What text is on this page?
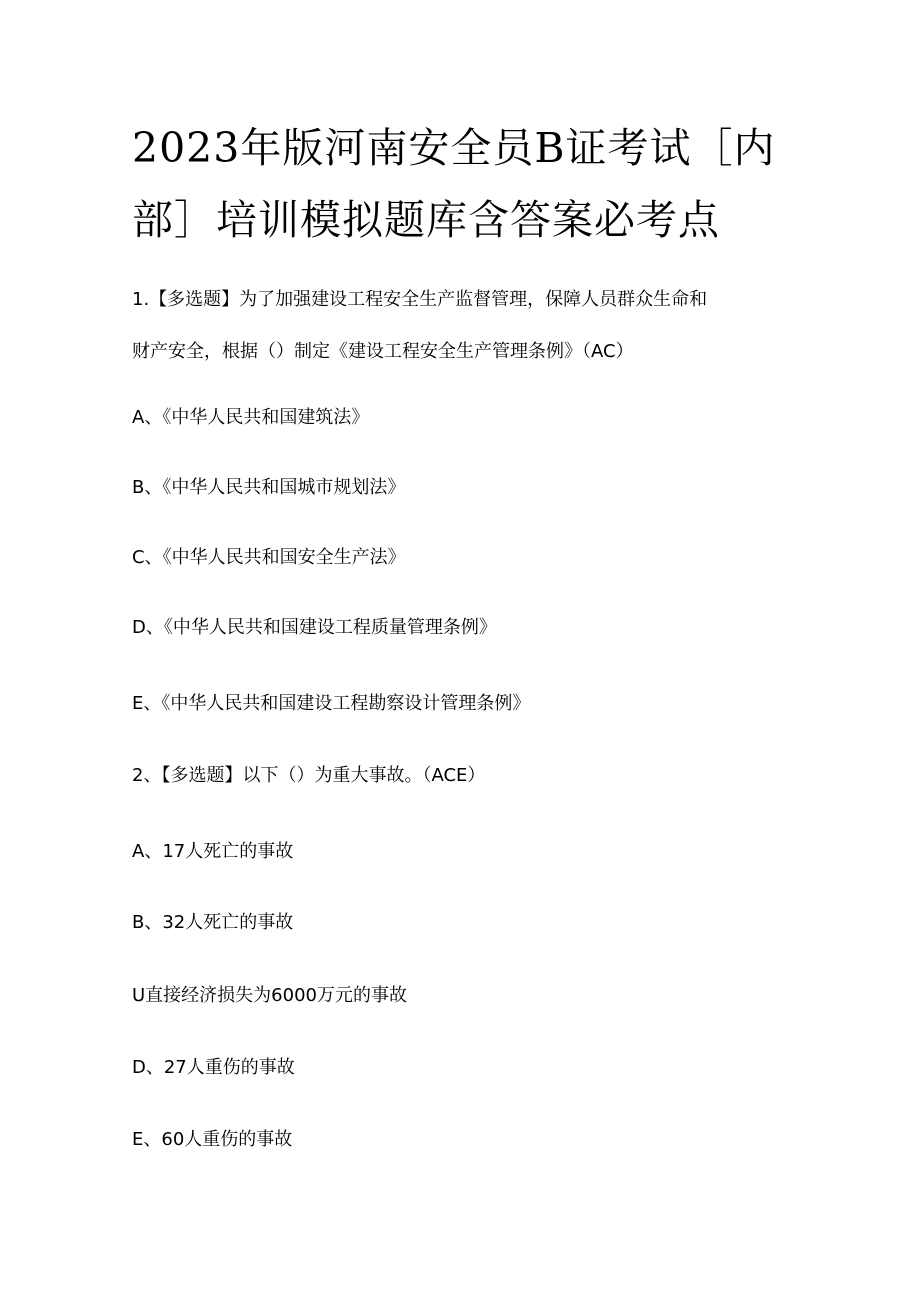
2023年版河南安全员B证考试［内
部］培训模拟题库含答案必考点

1.【多选题】为了加强建设工程安全生产监督管理，保障人员群众生命和
财产安全，根据（）制定《建设工程安全生产管理条例》（AC）

A、《中华人民共和国建筑法》

B、《中华人民共和国城市规划法》

C、《中华人民共和国安全生产法》

D、《中华人民共和国建设工程质量管理条例》

E、《中华人民共和国建设工程勘察设计管理条例》

2、【多选题】以下（）为重大事故。（ACE）

A、17人死亡的事故

B、32人死亡的事故

U直接经济损失为6000万元的事故

D、27人重伤的事故

E、60人重伤的事故
